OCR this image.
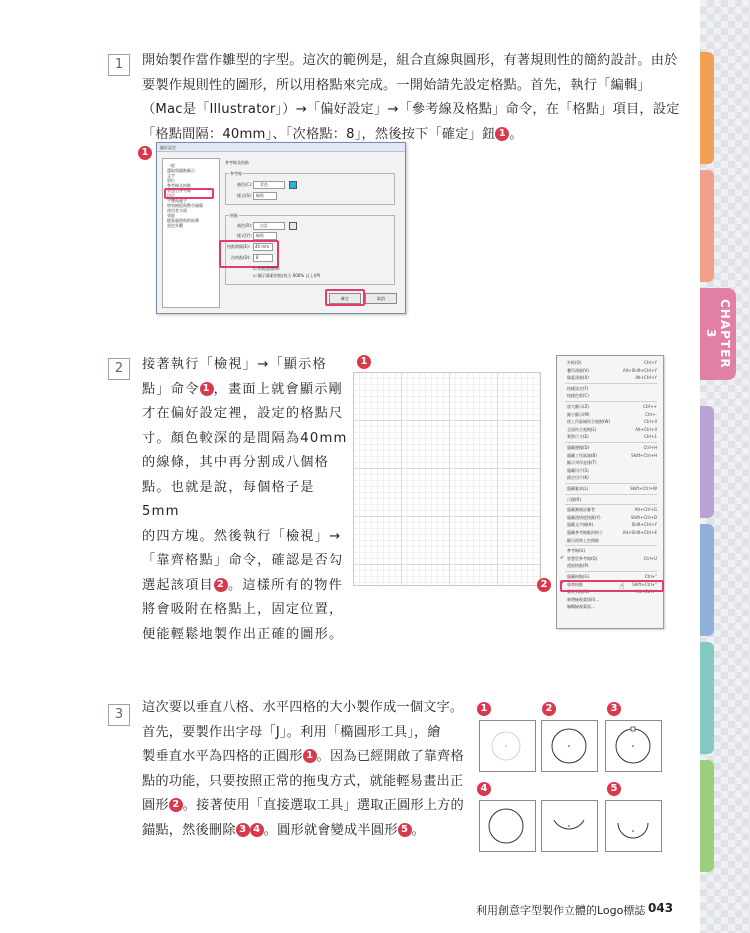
CHAPTER 3
1	開始製作當作雛型的字型。這次的範例是，組合直線與圓形，有著規則性的簡約設計。由於
要製作規則性的圖形，所以用格點來完成。一開始請先設定格點。首先，執行「編輯」
（Mac是「Illustrator」）→「偏好設定」→「參考線及格點」命令，在「格點」項目，設定
「格點間隔：40mm」、「次格點：8」，然後按下「確定」鈕 1 。
1	偏好設定
一般
選取與錨點顯示
文字
單位
參考線及格點
智慧型參考線
切片
字體與連字
增效模組與暫存磁碟
使用者介面
效能
檔案處理與剪貼簿
黑色外觀
參考線及格點
參考線
顏色(C): 青色
樣式(S): 線狀
格點
顏色(R): 自訂
樣式(Y): 線狀
格點間隔(E): 40 mm
次格點(D): 8
☑ 格點置後(B)
☑ 顯示像素格點(放大 600% 以上)(P)
確定	取消
2	接著執行「檢視」→「顯示格
點」命令 1 ，畫面上就會顯示剛
才在偏好設定裡，設定的格點尺
寸。顏色較深的是間隔為40mm
的線條，其中再分割成八個格
點。也就是說，每個格子是5mm
的四方塊。然後執行「檢視」→
「靠齊格點」命令，確認是否勾
選起該項目 2 。這樣所有的物件
將會吸附在格點上，固定位置，
便能輕鬆地製作出正確的圖形。
1	外框(O)	Ctrl+Y
疊印預視(V)	Alt+Shift+Ctrl+Y
像素預視(X)	Alt+Ctrl+Y
校樣設定(F)
校樣色彩(C)
放大顯示(Z)	Ctrl++
縮小顯示(M)	Ctrl+-
使工作區域符合視窗(W)	Ctrl+0
全部符合視窗(L)	Alt+Ctrl+0
實際尺寸(E)	Ctrl+1
隱藏邊緣(D)	Ctrl+H
隱藏工作區域(B)	Shift+Ctrl+H
顯示列印並排(T)
隱藏切片(S)
鎖定切片(K)
隱藏範本(L)	Shift+Ctrl+W
尺標(R)
隱藏漸層註解者	Alt+Ctrl+G
隱藏透明度格點(Y)	Shift+Ctrl+D
隱藏文字緒(H)	Shift+Ctrl+Y
隱藏參考線點的格子	Alt+Shift+Ctrl+E
顯示即時上色間隙
參考線(U)
智慧型參考線(Q)	Ctrl+U
✔
透視格點(P)
隱藏格點(G)	Ctrl+"
靠齊格點	Shift+Ctrl+"
✔
靠齊到點(N)	Alt+Ctrl+"
新增檢視畫面(I)...
編輯檢視畫面...
☝
2
3	這次要以垂直八格、水平四格的大小製作成一個文字。
首先，要製作出字母「J」。利用「橢圓形工具」，繪
製垂直水平為四格的正圓形 1 。因為已經開啟了靠齊格
點的功能，只要按照正常的拖曳方式，就能輕易畫出正
圓形 2 。接著使用「直接選取工具」選取正圓形上方的
錨點，然後刪除 3 4 。圓形就會變成半圓形 5 。
1	2	3
4	5
利用創意字型製作立體的Logo標誌 043
